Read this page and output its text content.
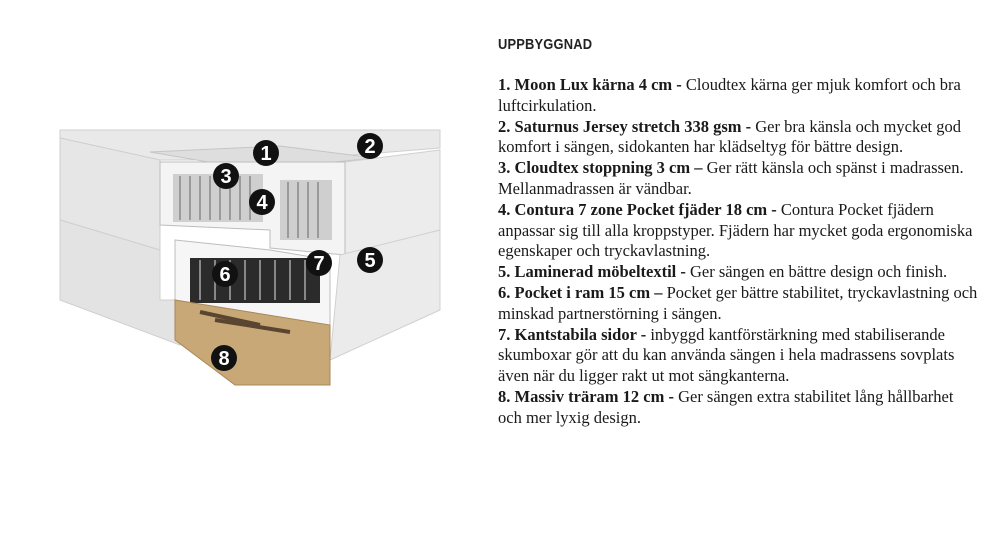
1	2
3
4
5
6	7
8
UPPBYGGNAD

1. Moon Lux kärna 4 cm - Cloudtex kärna ger mjuk komfort och bra luftcirkulation.

2. Saturnus Jersey stretch 338 gsm - Ger bra känsla och mycket god komfort i sängen, sidokanten har klädseltyg för bättre design.

3. Cloudtex stoppning 3 cm – Ger rätt känsla och spänst i madrassen. Mellanmadrassen är vändbar.

4. Contura 7 zone Pocket fjäder 18 cm - Contura Pocket fjädern anpassar sig till alla kroppstyper. Fjädern har mycket goda ergonomiska egenskaper och tryckavlastning.

5. Laminerad möbeltextil - Ger sängen en bättre design och finish.

6. Pocket i ram 15 cm – Pocket ger bättre stabilitet, tryckavlastning och minskad partnerstörning i sängen.

7. Kantstabila sidor - inbyggd kantförstärkning med stabiliserande skumboxar gör att du kan använda sängen i hela madrassens sovplats även när du ligger rakt ut mot sängkanterna.

8. Massiv träram 12 cm - Ger sängen extra stabilitet lång hållbarhet och mer lyxig design.
